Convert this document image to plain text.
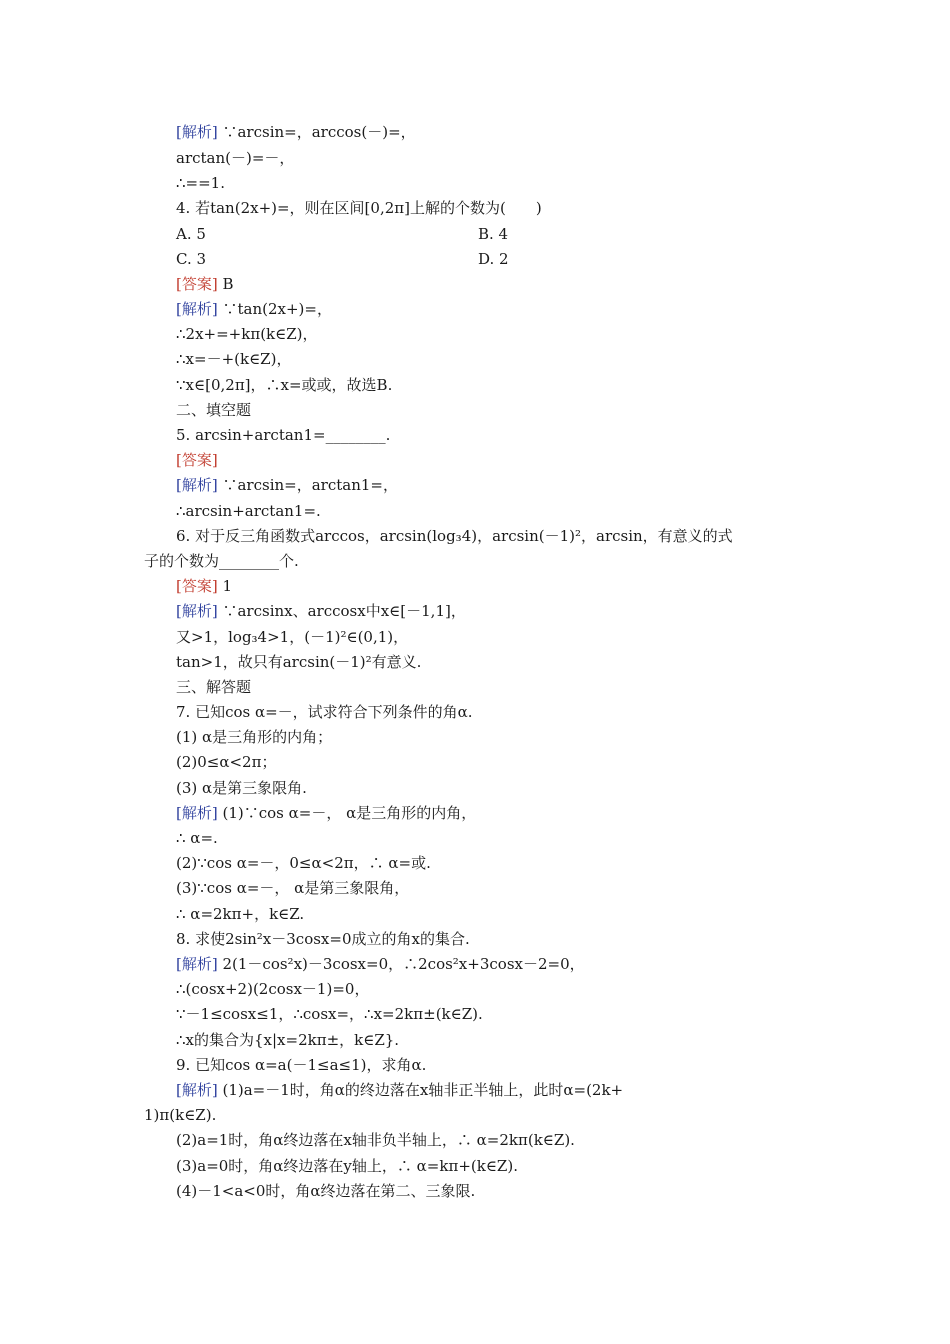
[解析] ∵arcsin=，arccos(－)=，
arctan(－)=－，
∴==1.
4. 若tan(2x+)=，则在区间[0,2π]上解的个数为(　　)
A. 5	B. 4
C. 3	D. 2
[答案] B
[解析] ∵tan(2x+)=，
∴2x+=+kπ(k∈Z)，
∴x=－+(k∈Z)，
∵x∈[0,2π]，∴x=或或，故选B.
二、填空题
5. arcsin+arctan1=________.
[答案]
[解析] ∵arcsin=，arctan1=，
∴arcsin+arctan1=.
6. 对于反三角函数式arccos，arcsin(log₃4)，arcsin(－1)²，arcsin，有意义的式
子的个数为________个.
[答案] 1
[解析] ∵arcsinx、arccosx中x∈[－1,1]，
又>1，log₃4>1，(－1)²∈(0,1)，
tan>1，故只有arcsin(－1)²有意义.
三、解答题
7. 已知cos α=－，试求符合下列条件的角α.
(1) α是三角形的内角；
(2)0≤α<2π；
(3) α是第三象限角.
[解析] (1)∵cos α=－， α是三角形的内角，
∴ α=.
(2)∵cos α=－，0≤α<2π，∴ α=或.
(3)∵cos α=－， α是第三象限角，
∴ α=2kπ+，k∈Z.
8. 求使2sin²x－3cosx=0成立的角x的集合.
[解析] 2(1－cos²x)－3cosx=0，∴2cos²x+3cosx－2=0，
∴(cosx+2)(2cosx－1)=0，
∵－1≤cosx≤1，∴cosx=，∴x=2kπ±(k∈Z).
∴x的集合为{x|x=2kπ±，k∈Z}.
9. 已知cos α=a(－1≤a≤1)，求角α.
[解析] (1)a=－1时，角α的终边落在x轴非正半轴上，此时α=(2k+
1)π(k∈Z).
(2)a=1时，角α终边落在x轴非负半轴上，∴ α=2kπ(k∈Z).
(3)a=0时，角α终边落在y轴上，∴ α=kπ+(k∈Z).
(4)－1<a<0时，角α终边落在第二、三象限.
